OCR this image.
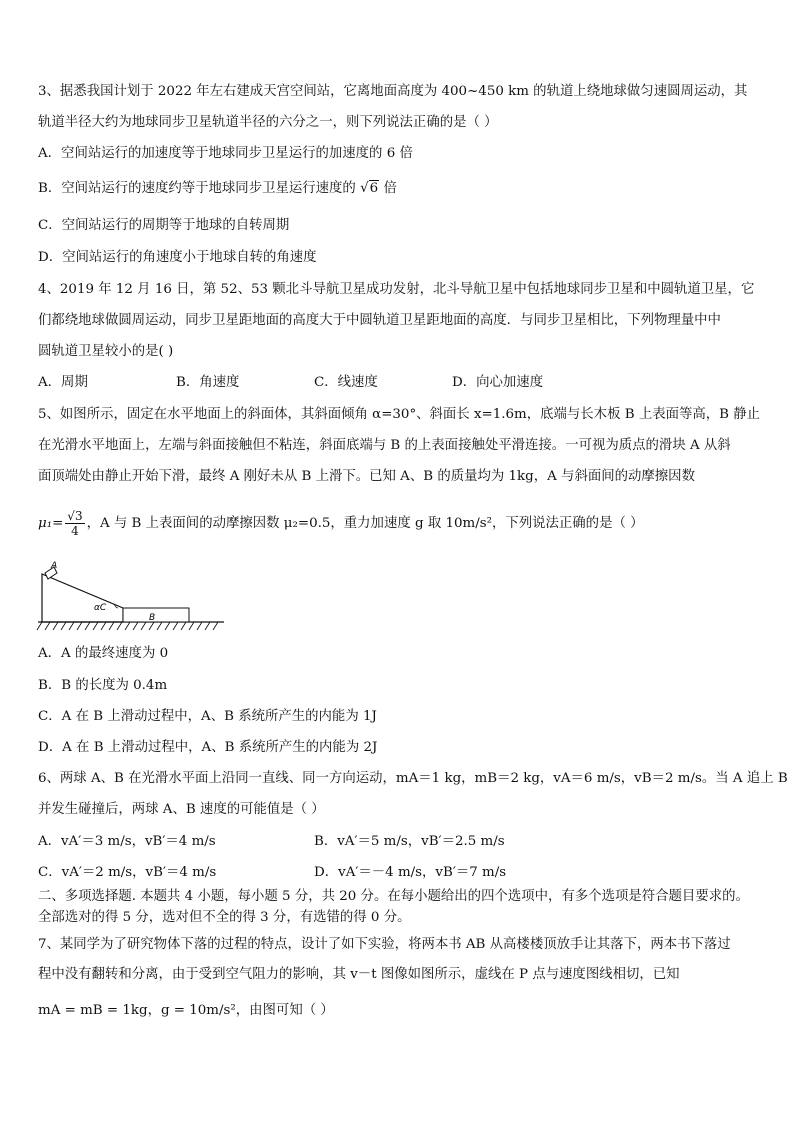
3、据悉我国计划于 2022 年左右建成天宫空间站，它离地面高度为 400~450 km 的轨道上绕地球做匀速圆周运动，其
轨道半径大约为地球同步卫星轨道半径的六分之一，则下列说法正确的是（ ）
A．空间站运行的加速度等于地球同步卫星运行的加速度的 6 倍
B．空间站运行的速度约等于地球同步卫星运行速度的 √6 倍
C．空间站运行的周期等于地球的自转周期
D．空间站运行的角速度小于地球自转的角速度
4、2019 年 12 月 16 日，第 52、53 颗北斗导航卫星成功发射，北斗导航卫星中包括地球同步卫星和中圆轨道卫星，它
们都绕地球做圆周运动，同步卫星距地面的高度大于中圆轨道卫星距地面的高度．与同步卫星相比，下列物理量中中
圆轨道卫星较小的是( )
A．周期	B．角速度	C．线速度	D．向心加速度
5、如图所示，固定在水平地面上的斜面体，其斜面倾角 α=30°、斜面长 x=1.6m，底端与长木板 B 上表面等高，B 静止
在光滑水平地面上，左端与斜面接触但不粘连，斜面底端与 B 的上表面接触处平滑连接。一可视为质点的滑块 A 从斜
面顶端处由静止开始下滑，最终 A 刚好未从 B 上滑下。已知 A、B 的质量均为 1kg，A 与斜面间的动摩擦因数
$\mu_1= \frac{√3}{4}$ ，A 与 B 上表面间的动摩擦因数 μ₂=0.5，重力加速度 g 取 10m/s²，下列说法正确的是（ ）
A
αC
B
A．A 的最终速度为 0
B．B 的长度为 0.4m
C．A 在 B 上滑动过程中，A、B 系统所产生的内能为 1J
D．A 在 B 上滑动过程中，A、B 系统所产生的内能为 2J
6、两球 A、B 在光滑水平面上沿同一直线、同一方向运动，mA＝1 kg，mB＝2 kg，vA＝6 m/s，vB＝2 m/s。当 A 追上 B
并发生碰撞后，两球 A、B 速度的可能值是（ ）
A．vA′＝3 m/s，vB′＝4 m/s	B．vA′＝5 m/s，vB′＝2.5 m/s
C．vA′＝2 m/s，vB′＝4 m/s	D．vA′＝－4 m/s，vB′＝7 m/s
二、多项选择题. 本题共 4 小题，每小题 5 分，共 20 分。在每小题给出的四个选项中，有多个选项是符合题目要求的。
全部选对的得 5 分，选对但不全的得 3 分，有选错的得 0 分。
7、某同学为了研究物体下落的过程的特点，设计了如下实验，将两本书 AB 从高楼楼顶放手让其落下，两本书下落过
程中没有翻转和分离，由于受到空气阻力的影响，其 v－t 图像如图所示，虚线在 P 点与速度图线相切，已知
mA = mB = 1kg，g = 10m/s²，由图可知（ ）
